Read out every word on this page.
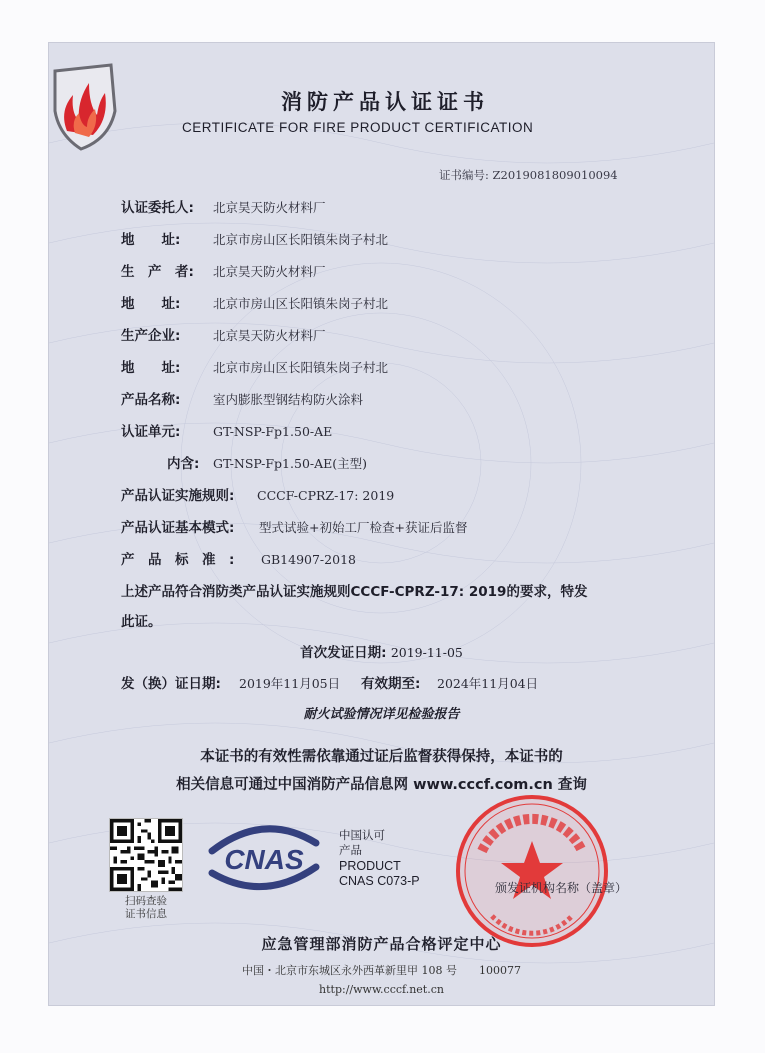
消防产品认证证书
CERTIFICATE FOR FIRE PRODUCT CERTIFICATION
证书编号: Z2019081809010094
认证委托人: 北京昊天防火材料厂
地　　址:	北京市房山区长阳镇朱岗子村北
生　产　者: 北京昊天防火材料厂
地　　址:	北京市房山区长阳镇朱岗子村北
生产企业:	北京昊天防火材料厂
地　　址:	北京市房山区长阳镇朱岗子村北
产品名称:	室内膨胀型钢结构防火涂料
认证单元:	GT-NSP-Fp1.50-AE
内含: GT-NSP-Fp1.50-AE(主型)
产品认证实施规则: CCCF-CPRZ-17: 2019
产品认证基本模式: 型式试验+初始工厂检查+获证后监督
产　品　标　准　: GB14907-2018
上述产品符合消防类产品认证实施规则CCCF-CPRZ-17: 2019的要求，特发
此证。
首次发证日期: 2019-11-05
发（换）证日期: 2019年11月05日 有效期至: 2024年11月04日
耐火试验情况详见检验报告
本证书的有效性需依靠通过证后监督获得保持，本证书的
相关信息可通过中国消防产品信息网 www.cccf.com.cn 查询
扫码查验
证书信息
CNAS
中国认可
产品
PRODUCT
CNAS C073-P	颁发证机构名称（盖章）
应急管理部消防产品合格评定中心
中国・北京市东城区永外西革新里甲 108 号　　100077
http://www.cccf.net.cn
